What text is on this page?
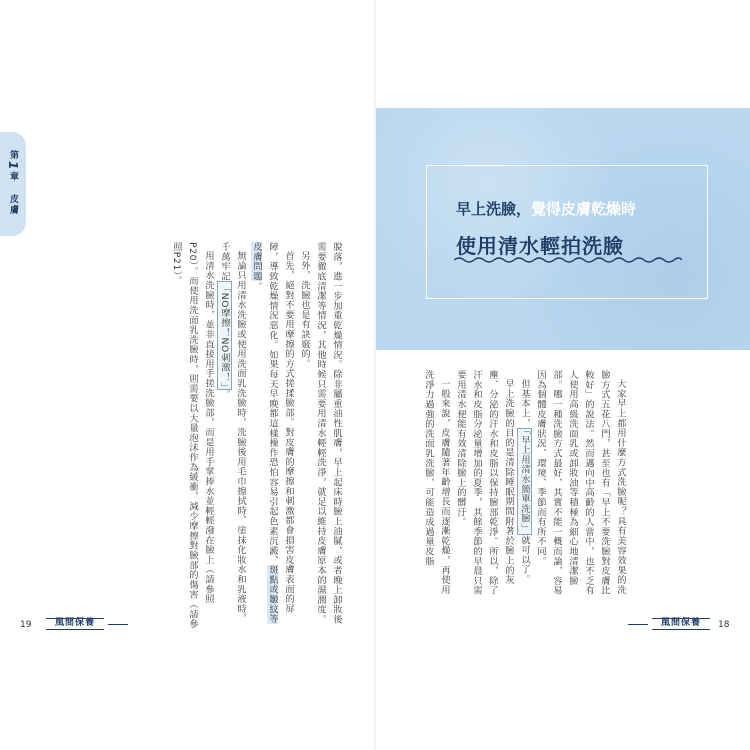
第1章
皮膚

脫落，進一步加重乾燥情況。除非屬重油性肌膚，早上起床時臉上油膩，或者晚上卸妝後需要徹底清潔等情況，其他時候只需要用清水輕輕洗淨，就足以維持皮膚原本的濕潤度。

另外，洗臉也是有訣竅的。

首先，絕對不要用摩擦的方式搓揉臉部。對皮膚的摩擦和刺激都會損害皮膚表面的屏障，導致乾燥情況惡化。如果每天早晚都這樣操作恐怕容易引起色素沉澱、斑點或皺紋等皮膚問題。

無論只用清水洗臉或使用洗面乳洗臉時，洗臉後用毛巾擦拭時、塗抹化妝水和乳液時，千萬牢記「NO摩擦！NO刺激！」。

用清水洗臉時，並非直接用手搓洗臉部，而是用手掌捧水並輕輕潑在臉上（請參照P20）。而使用洗面乳洗臉時，則需要以大量泡沫作為緩衝，減少摩擦對臉部的傷害（請參照P21）。

早上洗臉，覺得皮膚乾燥時
使用清水輕拍洗臉

大家早上都用什麼方式洗臉呢？具有美容效果的洗臉方式五花八門，甚至也有「早上不要洗臉對皮膚比較好」的說法。然而邁向中高齡的人當中，也不乏有人使用高級洗面乳或卸妝油等積極為細心地清潔臉部。哪一種洗臉方式最好，其實不能一概而論，容易因為個體皮膚狀況、環境、季節而有所不同。

但基本上，「早上用清水簡單洗臉」就可以了。

早上洗臉的目的是清除睡眠期間附著於臉上的灰塵、分泌的汗水和皮脂以保持臉部乾淨。所以，除了汗水和皮脂分泌量增加的夏季，其餘季節的早晨只需要用清水便能有效清除臉上的髒汙。

一般來說，皮膚隨著年齡增長而逐漸乾燥，再使用洗淨力過強的洗面乳洗臉，可能造成過量皮脂

19	風間保養	風間保養	18
